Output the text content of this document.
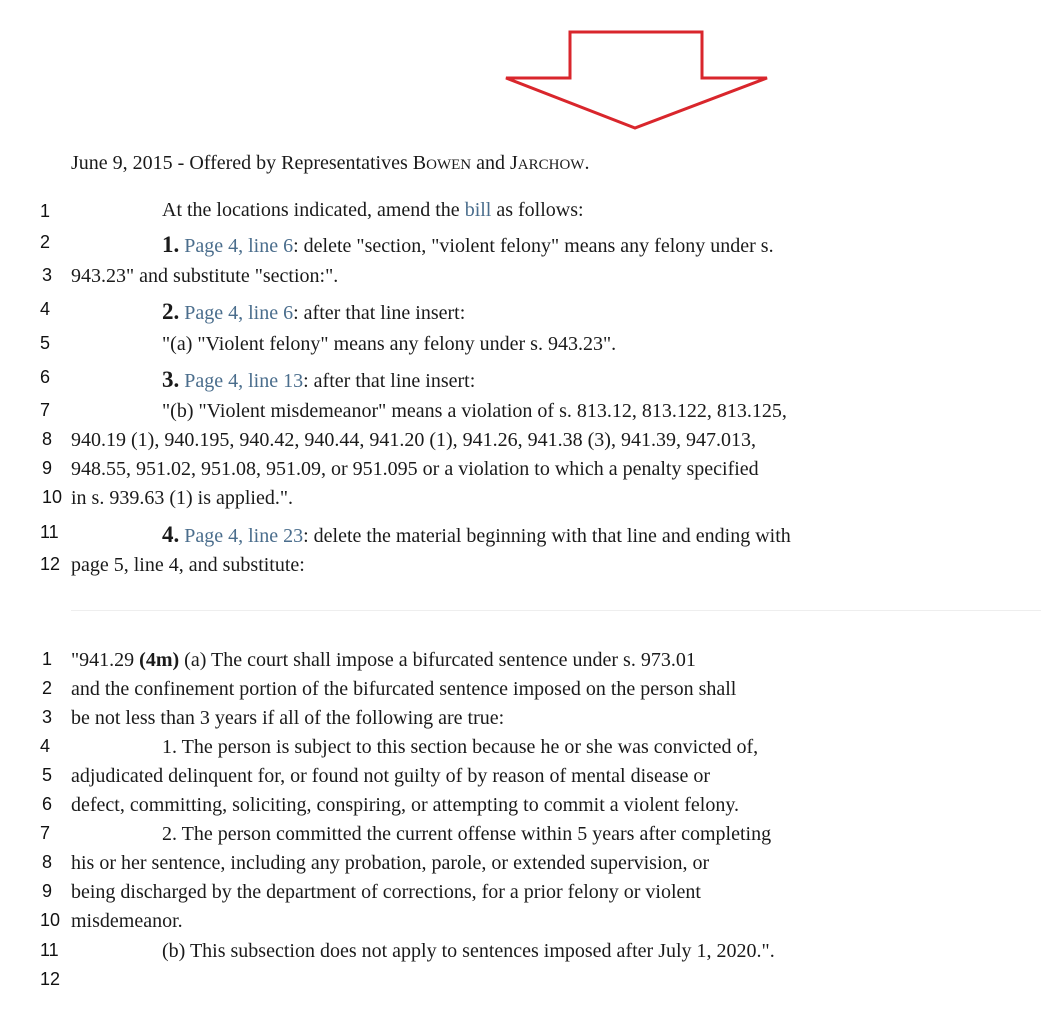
June 9, 2015 - Offered by Representatives BOWEN and JARCHOW.
1	At the locations indicated, amend the bill as follows:
2	1. Page 4, line 6: delete "section, "violent felony" means any felony under s.
3 943.23" and substitute "section:".
4	2. Page 4, line 6: after that line insert:
5	"(a) "Violent felony" means any felony under s. 943.23".
6	3. Page 4, line 13: after that line insert:
7	"(b) "Violent misdemeanor" means a violation of s. 813.12, 813.122, 813.125,
8 940.19 (1), 940.195, 940.42, 940.44, 941.20 (1), 941.26, 941.38 (3), 941.39, 947.013,
9 948.55, 951.02, 951.08, 951.09, or 951.095 or a violation to which a penalty specified
10 in s. 939.63 (1) is applied.".
11	4. Page 4, line 23: delete the material beginning with that line and ending with
12 page 5, line 4, and substitute:
1 "941.29 (4m) (a) The court shall impose a bifurcated sentence under s. 973.01
2 and the confinement portion of the bifurcated sentence imposed on the person shall
3 be not less than 3 years if all of the following are true:
4	1. The person is subject to this section because he or she was convicted of,
5 adjudicated delinquent for, or found not guilty of by reason of mental disease or
6 defect, committing, soliciting, conspiring, or attempting to commit a violent felony.
7	2. The person committed the current offense within 5 years after completing
8 his or her sentence, including any probation, parole, or extended supervision, or
9 being discharged by the department of corrections, for a prior felony or violent
10 misdemeanor.
11	(b) This subsection does not apply to sentences imposed after July 1, 2020.".
12
